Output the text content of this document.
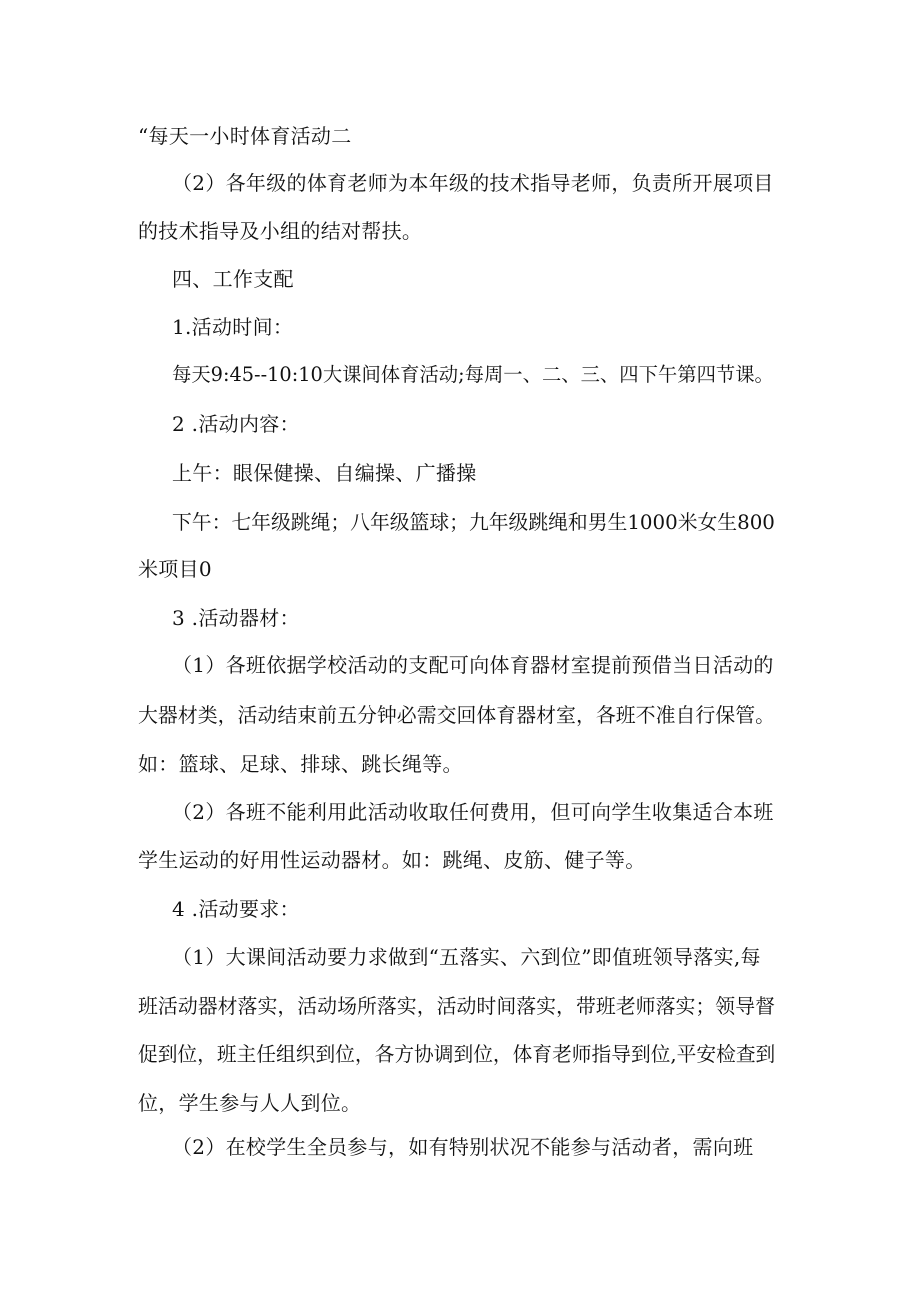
“每天一小时体育活动二
（2）各年级的体育老师为本年级的技术指导老师，负责所开展项目
的技术指导及小组的结对帮扶。
四、工作支配
1.活动时间：
每天9:45--10:10大课间体育活动;每周一、二、三、四下午第四节课。
2 .活动内容：
上午：眼保健操、自编操、广播操
下午：七年级跳绳；八年级篮球；九年级跳绳和男生1000米女生800
米项目0
3 .活动器材：
（1）各班依据学校活动的支配可向体育器材室提前预借当日活动的
大器材类，活动结束前五分钟必需交回体育器材室，各班不准自行保管。
如：篮球、足球、排球、跳长绳等。
（2）各班不能利用此活动收取任何费用，但可向学生收集适合本班
学生运动的好用性运动器材。如：跳绳、皮筋、健子等。
4 .活动要求：
（1）大课间活动要力求做到“五落实、六到位”即值班领导落实,每
班活动器材落实，活动场所落实，活动时间落实，带班老师落实；领导督
促到位，班主任组织到位，各方协调到位，体育老师指导到位,平安检查到
位，学生参与人人到位。
（2）在校学生全员参与，如有特别状况不能参与活动者，需向班
